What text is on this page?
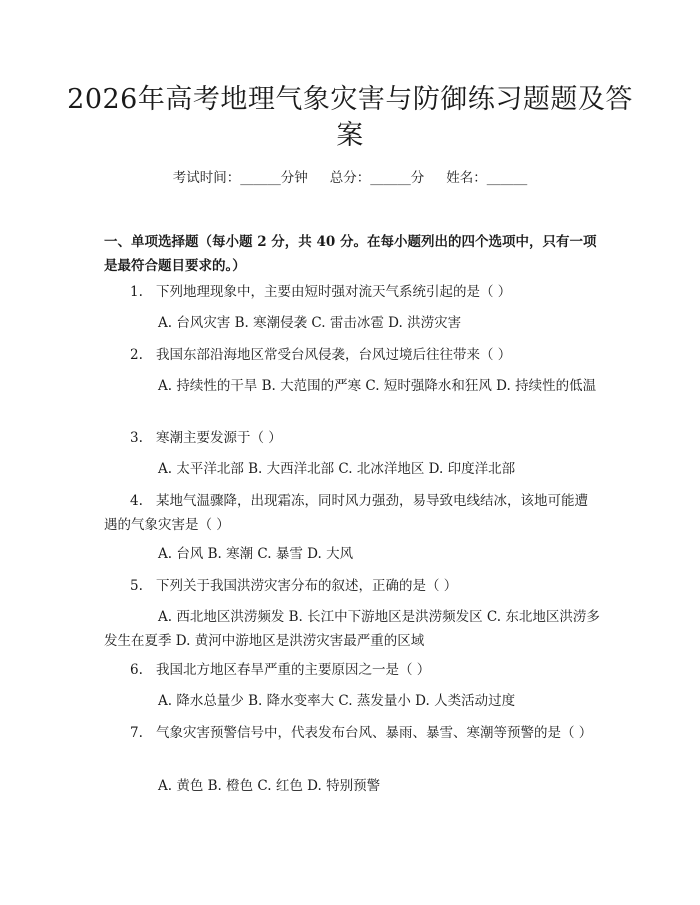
2026年高考地理气象灾害与防御练习题题及答案
考试时间：______分钟 总分：______分 姓名：______
一、单项选择题（每小题 2 分，共 40 分。在每小题列出的四个选项中，只有一项是最符合题目要求的。）
1. 下列地理现象中，主要由短时强对流天气系统引起的是（ ）
A. 台风灾害 B. 寒潮侵袭 C. 雷击冰雹 D. 洪涝灾害
2. 我国东部沿海地区常受台风侵袭，台风过境后往往带来（ ）
A. 持续性的干旱 B. 大范围的严寒 C. 短时强降水和狂风 D. 持续性的低温
3. 寒潮主要发源于（ ）
A. 太平洋北部 B. 大西洋北部 C. 北冰洋地区 D. 印度洋北部
4. 某地气温骤降，出现霜冻，同时风力强劲，易导致电线结冰，该地可能遭遇的气象灾害是（ ）
A. 台风 B. 寒潮 C. 暴雪 D. 大风
5. 下列关于我国洪涝灾害分布的叙述，正确的是（ ）
A. 西北地区洪涝频发 B. 长江中下游地区是洪涝频发区 C. 东北地区洪涝多发生在夏季 D. 黄河中游地区是洪涝灾害最严重的区域
6. 我国北方地区春旱严重的主要原因之一是（ ）
A. 降水总量少 B. 降水变率大 C. 蒸发量小 D. 人类活动过度
7. 气象灾害预警信号中，代表发布台风、暴雨、暴雪、寒潮等预警的是（ ）
A. 黄色 B. 橙色 C. 红色 D. 特别预警
